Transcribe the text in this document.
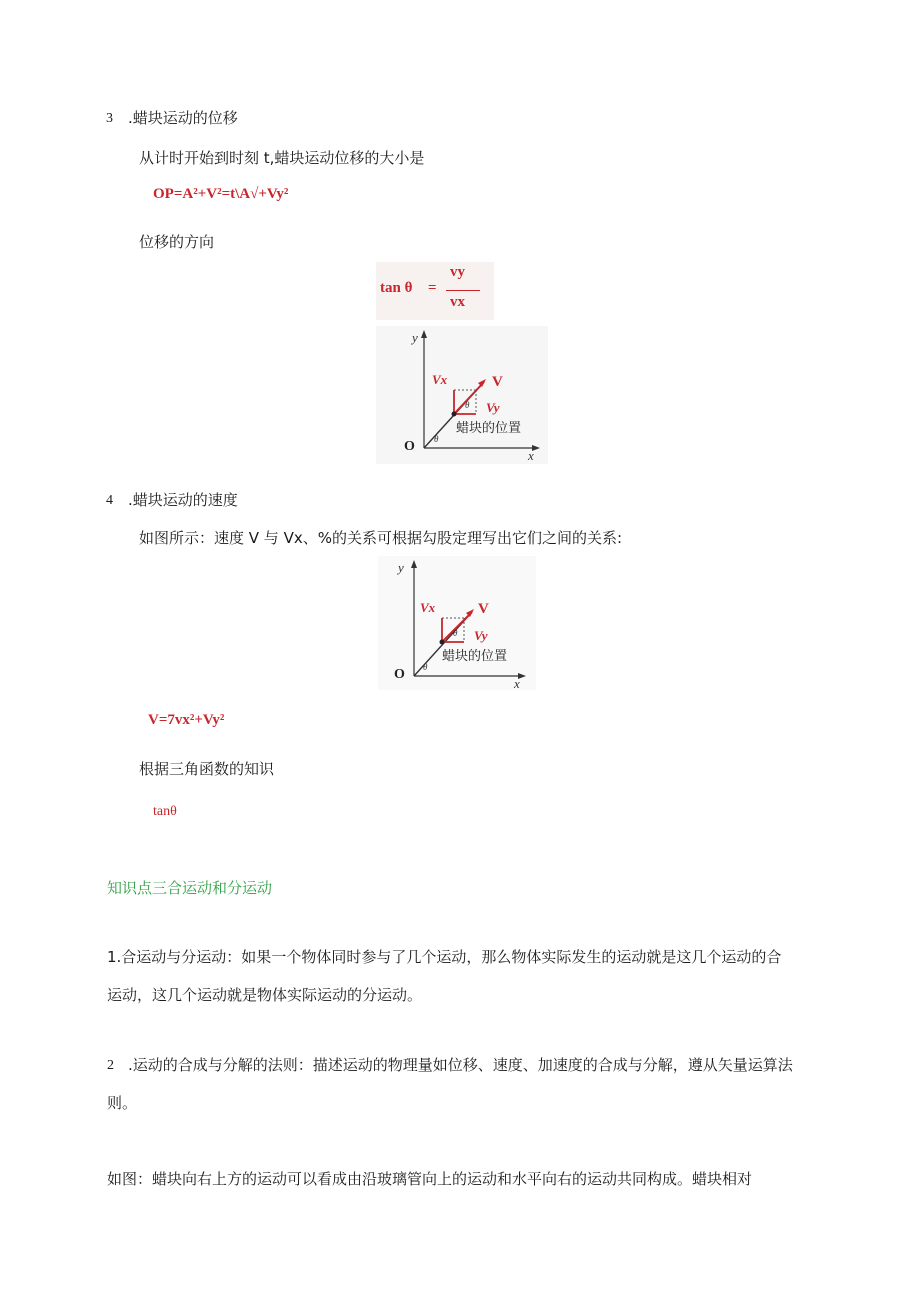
3 .蜡块运动的位移
从计时开始到时刻 t,蜡块运动位移的大小是
OP=A²+V²=t\A√+Vy²
位移的方向
tan θ =
vy
vx
y
x
O
Vx	V
Vy
θ
θ
蜡块的位置
4 .蜡块运动的速度
如图所示：速度 V 与 Vx、%的关系可根据勾股定理写出它们之间的关系:
y
x
O
Vx	V
Vy
θ
θ
蜡块的位置
V=7vx²+Vy²
根据三角函数的知识
tanθ
知识点三合运动和分运动
1.合运动与分运动：如果一个物体同时参与了几个运动，那么物体实际发生的运动就是这几个运动的合
运动，这几个运动就是物体实际运动的分运动。
2 .运动的合成与分解的法则：描述运动的物理量如位移、速度、加速度的合成与分解，遵从矢量运算法
则。
如图：蜡块向右上方的运动可以看成由沿玻璃管向上的运动和水平向右的运动共同构成。蜡块相对
